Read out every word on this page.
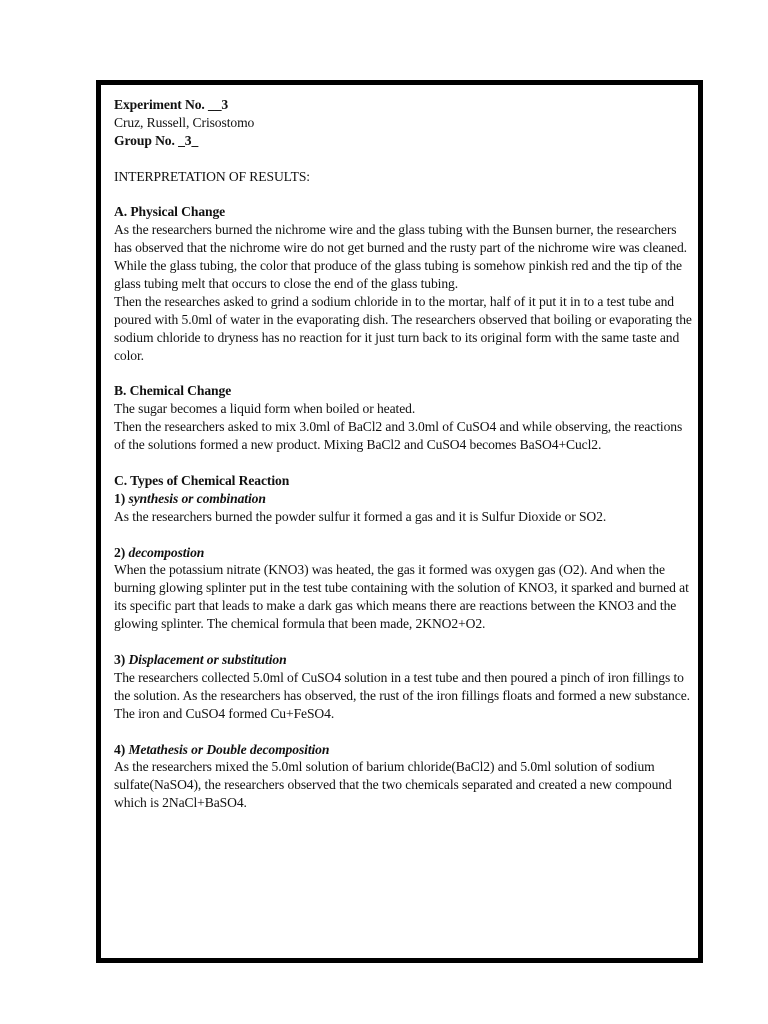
Experiment No. __3
Cruz, Russell, Crisostomo
Group No. _3_
INTERPRETATION OF RESULTS:
A. Physical Change

As the researchers burned the nichrome wire and the glass tubing with the Bunsen burner, the researchers has observed that the nichrome wire do not get burned and the rusty part of the nichrome wire was cleaned. While the glass tubing, the color that produce of the glass tubing is somehow pinkish red and the tip of the glass tubing melt that occurs to close the end of the glass tubing.

Then the researches asked to grind a sodium chloride in to the mortar, half of it put it in to a test tube and poured with 5.0ml of water in the evaporating dish. The researchers observed that boiling or evaporating the sodium chloride to dryness has no reaction for it just turn back to its original form with the same taste and color.

B. Chemical Change

The sugar becomes a liquid form when boiled or heated.

Then the researchers asked to mix 3.0ml of BaCl2 and 3.0ml of CuSO4 and while observing, the reactions of the solutions formed a new product. Mixing BaCl2 and CuSO4 becomes BaSO4+Cucl2.

C. Types of Chemical Reaction
1) synthesis or combination

As the researchers burned the powder sulfur it formed a gas and it is Sulfur Dioxide or SO2.

2) decompostion

When the potassium nitrate (KNO3) was heated, the gas it formed was oxygen gas (O2). And when the burning glowing splinter put in the test tube containing with the solution of KNO3, it sparked and burned at its specific part that leads to make a dark gas which means there are reactions between the KNO3 and the glowing splinter. The chemical formula that been made, 2KNO2+O2.

3) Displacement or substitution

The researchers collected 5.0ml of CuSO4 solution in a test tube and then poured a pinch of iron fillings to the solution. As the researchers has observed, the rust of the iron fillings floats and formed a new substance. The iron and CuSO4 formed Cu+FeSO4.

4) Metathesis or Double decomposition

As the researchers mixed the 5.0ml solution of barium chloride(BaCl2) and 5.0ml solution of sodium sulfate(NaSO4), the researchers observed that the two chemicals separated and created a new compound which is 2NaCl+BaSO4.
